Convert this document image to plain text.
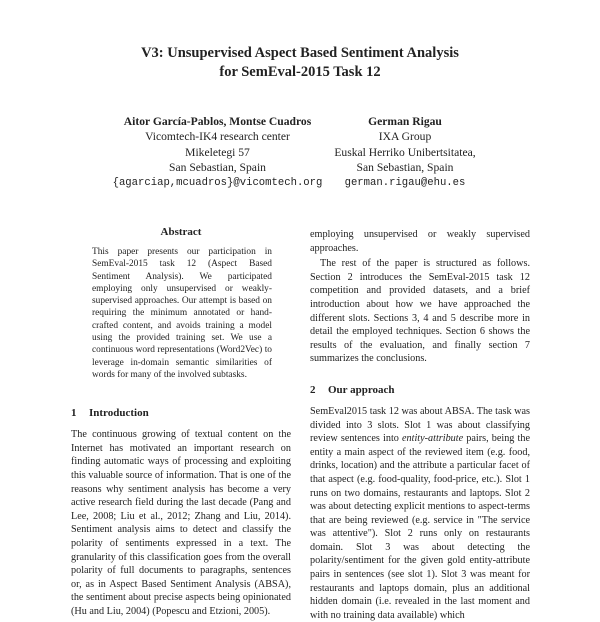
V3: Unsupervised Aspect Based Sentiment Analysis
for SemEval-2015 Task 12
Aitor García-Pablos, Montse Cuadros
Vicomtech-IK4 research center
Mikeletegi 57
San Sebastian, Spain
{agarciap,mcuadros}@vicomtech.org
German Rigau
IXA Group
Euskal Herriko Unibertsitatea,
San Sebastian, Spain
german.rigau@ehu.es
Abstract

This paper presents our participation in SemEval-2015 task 12 (Aspect Based Sentiment Analysis). We participated employing only unsupervised or weakly-supervised approaches. Our attempt is based on requiring the minimum annotated or hand-crafted content, and avoids training a model using the provided training set. We use a continuous word representations (Word2Vec) to leverage in-domain semantic similarities of words for many of the involved subtasks.

1 Introduction

The continuous growing of textual content on the Internet has motivated an important research on finding automatic ways of processing and exploiting this valuable source of information. That is one of the reasons why sentiment analysis has become a very active research field during the last decade (Pang and Lee, 2008; Liu et al., 2012; Zhang and Liu, 2014). Sentiment analysis aims to detect and classify the polarity of sentiments expressed in a text. The granularity of this classification goes from the overall polarity of full documents to paragraphs, sentences or, as in Aspect Based Sentiment Analysis (ABSA), the sentiment about precise aspects being opinionated (Hu and Liu, 2004) (Popescu and Etzioni, 2005).

employing unsupervised or weakly supervised approaches.

The rest of the paper is structured as follows. Section 2 introduces the SemEval-2015 task 12 competition and provided datasets, and a brief introduction about how we have approached the different slots. Sections 3, 4 and 5 describe more in detail the employed techniques. Section 6 shows the results of the evaluation, and finally section 7 summarizes the conclusions.

2 Our approach

SemEval2015 task 12 was about ABSA. The task was divided into 3 slots. Slot 1 was about classifying review sentences into entity-attribute pairs, being the entity a main aspect of the reviewed item (e.g. food, drinks, location) and the attribute a particular facet of that aspect (e.g. food-quality, food-price, etc.). Slot 1 runs on two domains, restaurants and laptops. Slot 2 was about detecting explicit mentions to aspect-terms that are being reviewed (e.g. service in "The service was attentive"). Slot 2 runs only on restaurants domain. Slot 3 was about detecting the polarity/sentiment for the given gold entity-attribute pairs in sentences (see slot 1). Slot 3 was meant for restaurants and laptops domain, plus an additional hidden domain (i.e. revealed in the last moment and with no training data available) which
